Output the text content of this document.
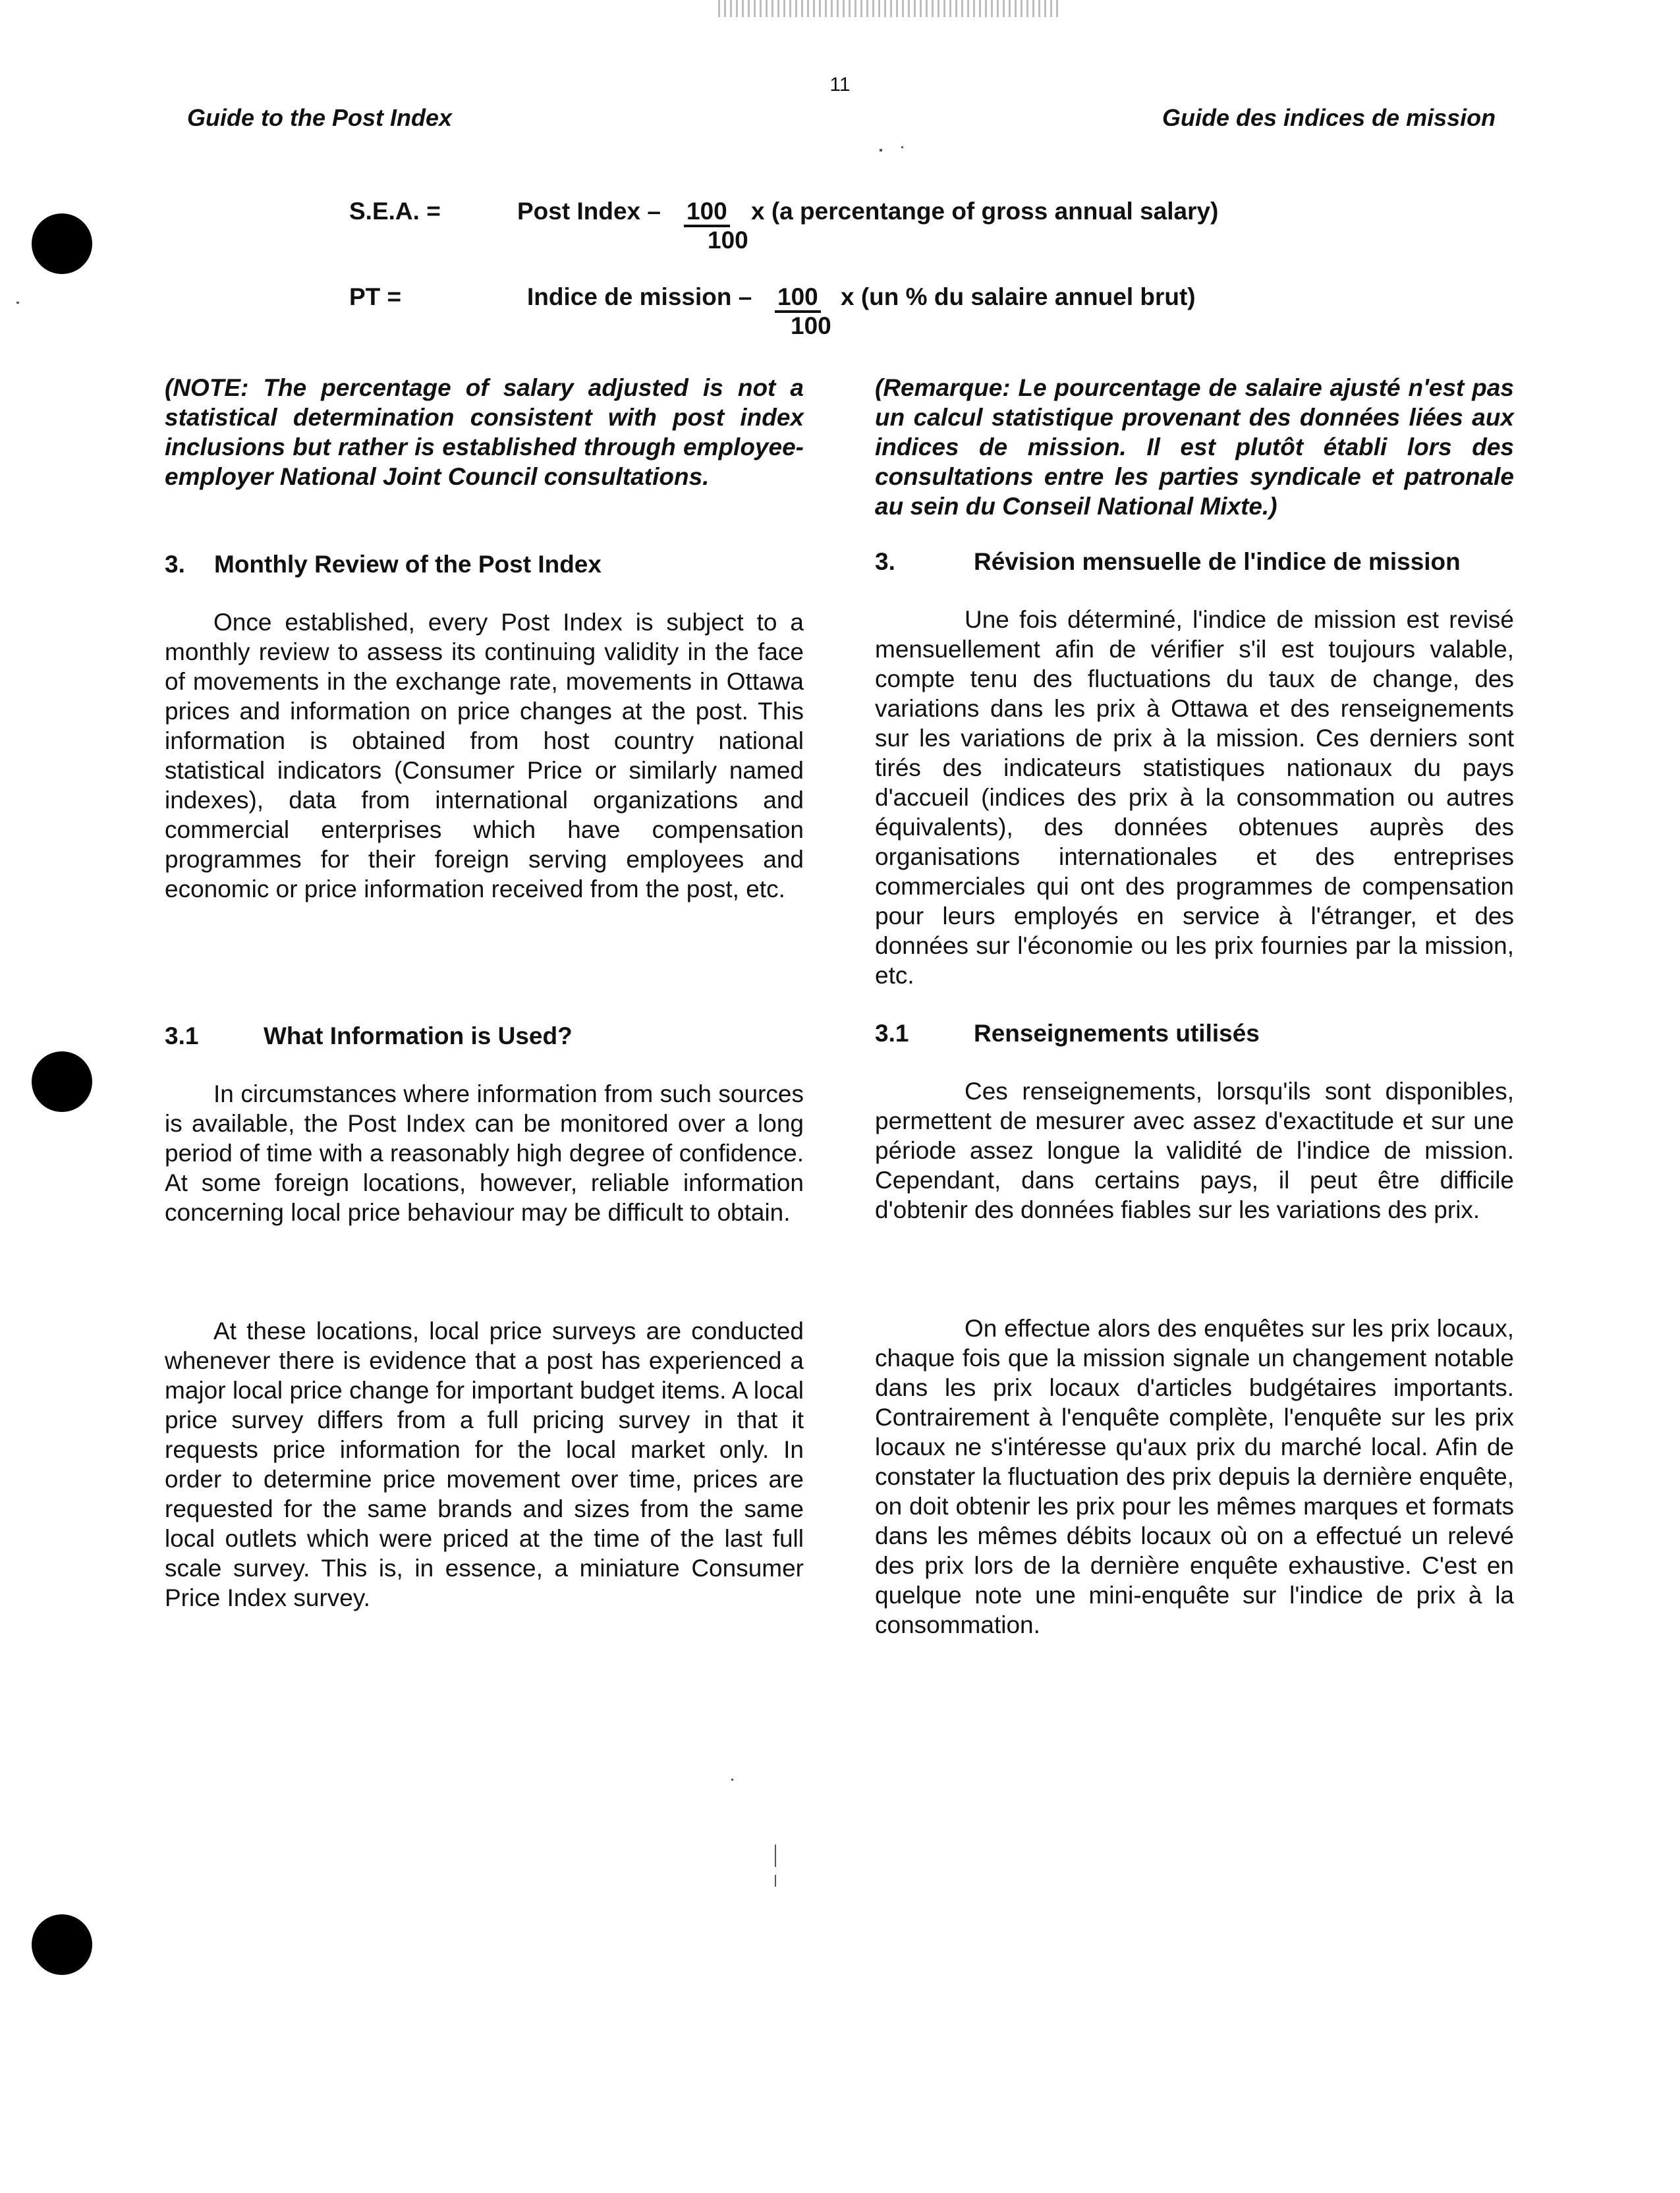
11
Guide to the Post Index	Guide des indices de mission
S.E.A. =	Post Index – 100 x (a percentange of gross annual salary)
100
PT =	Indice de mission – 100 x (un % du salaire annuel brut)
100
(NOTE: The percentage of salary adjusted is not a statistical determination consistent with post index inclusions but rather is established through employee-employer National Joint Council consultations.
3. Monthly Review of the Post Index
Once established, every Post Index is subject to a monthly review to assess its continuing validity in the face of movements in the exchange rate, movements in Ottawa prices and information on price changes at the post. This information is obtained from host country national statistical indicators (Consumer Price or similarly named indexes), data from international organizations and commercial enterprises which have compensation programmes for their foreign serving employees and economic or price information received from the post, etc.
3.1	What Information is Used?
In circumstances where information from such sources is available, the Post Index can be monitored over a long period of time with a reasonably high degree of confidence. At some foreign locations, however, reliable information concerning local price behaviour may be difficult to obtain.
At these locations, local price surveys are conducted whenever there is evidence that a post has experienced a major local price change for important budget items. A local price survey differs from a full pricing survey in that it requests price information for the local market only. In order to determine price movement over time, prices are requested for the same brands and sizes from the same local outlets which were priced at the time of the last full scale survey. This is, in essence, a miniature Consumer Price Index survey.
(Remarque: Le pourcentage de salaire ajusté n'est pas un calcul statistique provenant des données liées aux indices de mission. Il est plutôt établi lors des consultations entre les parties syndicale et patronale au sein du Conseil National Mixte.)
3.	Révision mensuelle de l'indice de mission
Une fois déterminé, l'indice de mission est revisé mensuellement afin de vérifier s'il est toujours valable, compte tenu des fluctuations du taux de change, des variations dans les prix à Ottawa et des renseignements sur les variations de prix à la mission. Ces derniers sont tirés des indicateurs statistiques nationaux du pays d'accueil (indices des prix à la consommation ou autres équivalents), des données obtenues auprès des organisations internationales et des entreprises commerciales qui ont des programmes de compensation pour leurs employés en service à l'étranger, et des données sur l'économie ou les prix fournies par la mission, etc.
3.1	Renseignements utilisés
Ces renseignements, lorsqu'ils sont disponibles, permettent de mesurer avec assez d'exactitude et sur une période assez longue la validité de l'indice de mission. Cependant, dans certains pays, il peut être difficile d'obtenir des données fiables sur les variations des prix.
On effectue alors des enquêtes sur les prix locaux, chaque fois que la mission signale un changement notable dans les prix locaux d'articles budgétaires importants. Contrairement à l'enquête complète, l'enquête sur les prix locaux ne s'intéresse qu'aux prix du marché local. Afin de constater la fluctuation des prix depuis la dernière enquête, on doit obtenir les prix pour les mêmes marques et formats dans les mêmes débits locaux où on a effectué un relevé des prix lors de la dernière enquête exhaustive. C'est en quelque note une mini-enquête sur l'indice de prix à la consommation.
